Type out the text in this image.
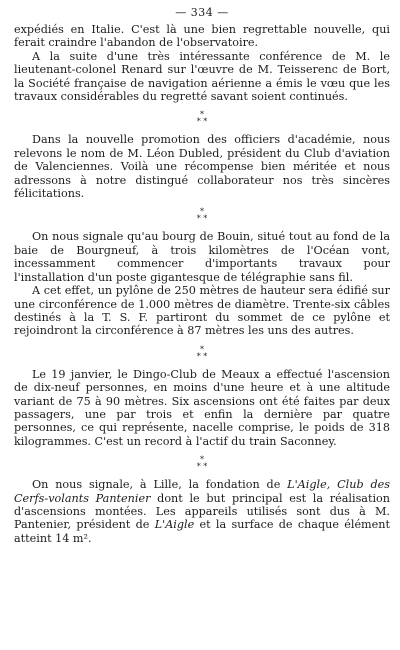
— 334 —

expédiés en Italie. C'est là une bien regrettable nouvelle, qui ferait craindre l'abandon de l'observatoire.

A la suite d'une très intéressante conférence de M. le lieutenant-colonel Renard sur l'œuvre de M. Teisserenc de Bort, la Société française de navigation aérienne a émis le vœu que les travaux considérables du regretté savant soient continués.

*
* *

Dans la nouvelle promotion des officiers d'académie, nous relevons le nom de M. Léon Dubled, président du Club d'aviation de Valenciennes. Voilà une récompense bien méritée et nous adressons à notre distingué collaborateur nos très sincères félicitations.

*
* *

On nous signale qu'au bourg de Bouin, situé tout au fond de la baie de Bourgneuf, à trois kilomètres de l'Océan vont, incessamment commencer d'importants travaux pour l'installation d'un poste gigantesque de télégraphie sans fil.

A cet effet, un pylône de 250 mètres de hauteur sera édifié sur une circonférence de 1.000 mètres de diamètre. Trente-six câbles destinés à la T. S. F. partiront du sommet de ce pylône et rejoindront la circonférence à 87 mètres les uns des autres.

*
* *

Le 19 janvier, le Dingo-Club de Meaux a effectué l'ascension de dix-neuf personnes, en moins d'une heure et à une altitude variant de 75 à 90 mètres. Six ascensions ont été faites par deux passagers, une par trois et enfin la dernière par quatre personnes, ce qui représente, nacelle comprise, le poids de 318 kilogrammes. C'est un record à l'actif du train Saconney.

*
* *

On nous signale, à Lille, la fondation de L'Aigle, Club des Cerfs-volants Pantenier dont le but principal est la réalisation d'ascensions montées. Les appareils utilisés sont dus à M. Pantenier, président de L'Aigle et la surface de chaque élément atteint 14 m².
